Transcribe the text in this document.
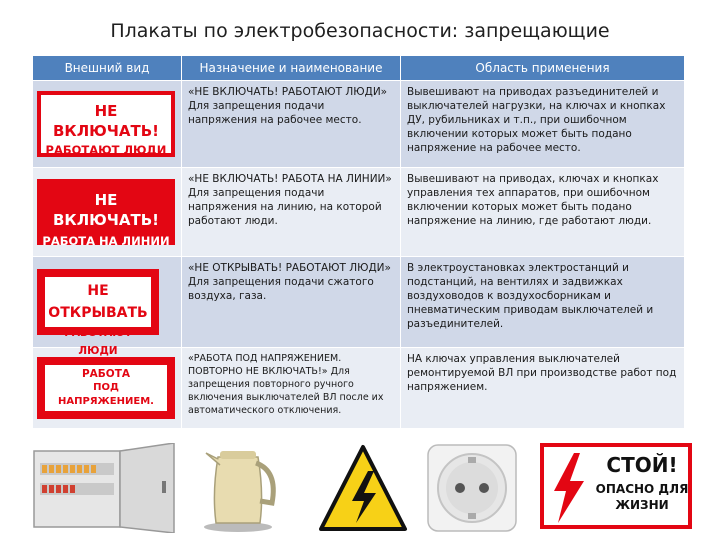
Плакаты по электробезопасности: запрещающие
Внешний вид	Назначение и наименование	Область применения

НЕ ВКЛЮЧАТЬ!
РАБОТАЮТ ЛЮДИ	«НЕ ВКЛЮЧАТЬ! РАБОТАЮТ ЛЮДИ» Для запрещения подачи напряжения на рабочее место.	Вывешивают на приводах разъединителей и выключателей нагрузки, на ключах и кнопках ДУ, рубильниках и т.п., при ошибочном включении которых может быть подано напряжение на рабочее место.

НЕ ВКЛЮЧАТЬ!
РАБОТА НА ЛИНИИ	«НЕ ВКЛЮЧАТЬ! РАБОТА НА ЛИНИИ» Для запрещения подачи напряжения на линию, на которой работают люди.	Вывешивают на приводах, ключах и кнопках управления тех аппаратов, при ошибочном включении которых может быть подано напряжение на линию, где работают люди.

НЕ ОТКРЫВАТЬ
РАБОТАЮТ ЛЮДИ	«НЕ ОТКРЫВАТЬ! РАБОТАЮТ ЛЮДИ» Для запрещения подачи сжатого воздуха, газа.	В электроустановках электростанций и подстанций, на вентилях и задвижках воздуховодов к воздухосборникам и пневматическим приводам выключателей и разъединителей.

РАБОТА
ПОД НАПРЯЖЕНИЕМ.
ПОВТОРНО НЕ ВКЛЮЧАТЬ!	«РАБОТА ПОД НАПРЯЖЕНИЕМ. ПОВТОРНО НЕ ВКЛЮЧАТЬ!» Для запрещения повторного ручного включения выключателей ВЛ после их автоматического отключения.	НА ключах управления выключателей ремонтируемой ВЛ при производстве работ под напряжением.
СТОЙ!
ОПАСНО ДЛЯ
ЖИЗНИ
